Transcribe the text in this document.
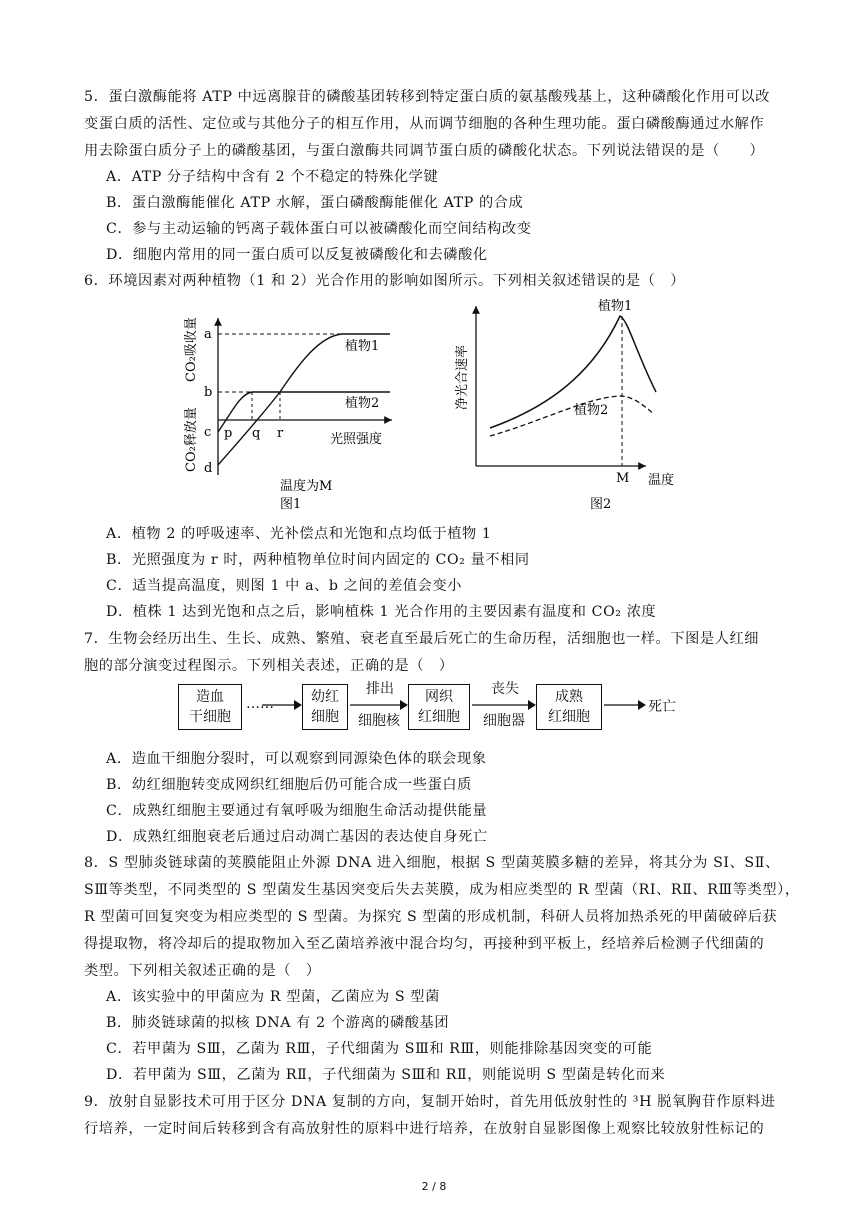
5．蛋白激酶能将 ATP 中远离腺苷的磷酸基团转移到特定蛋白质的氨基酸残基上，这种磷酸化作用可以改
变蛋白质的活性、定位或与其他分子的相互作用，从而调节细胞的各种生理功能。蛋白磷酸酶通过水解作
用去除蛋白质分子上的磷酸基团，与蛋白激酶共同调节蛋白质的磷酸化状态。下列说法错误的是（　　）
A．ATP 分子结构中含有 2 个不稳定的特殊化学键
B．蛋白激酶能催化 ATP 水解，蛋白磷酸酶能催化 ATP 的合成
C．参与主动运输的钙离子载体蛋白可以被磷酸化而空间结构改变
D．细胞内常用的同一蛋白质可以反复被磷酸化和去磷酸化
6．环境因素对两种植物（1 和 2）光合作用的影响如图所示。下列相关叙述错误的是（　）
a
b
c
d
p q r	光照强度
植物1
植物2
CO₂吸收量
CO₂释放量
温度为M
图1
植物1
植物2
净光合速率
M 温度
图2
A．植物 2 的呼吸速率、光补偿点和光饱和点均低于植物 1
B．光照强度为 r 时，两种植物单位时间内固定的 CO₂ 量不相同
C．适当提高温度，则图 1 中 a、b 之间的差值会变小
D．植株 1 达到光饱和点之后，影响植株 1 光合作用的主要因素有温度和 CO₂ 浓度
7．生物会经历出生、生长、成熟、繁殖、衰老直至最后死亡的生命历程，活细胞也一样。下图是人红细
胞的部分演变过程图示。下列相关表述，正确的是（　）
造血
干细胞
……	幼红
细胞
排出
细胞核
网织
红细胞
丧失
细胞器
成熟
红细胞
死亡
A．造血干细胞分裂时，可以观察到同源染色体的联会现象
B．幼红细胞转变成网织红细胞后仍可能合成一些蛋白质
C．成熟红细胞主要通过有氧呼吸为细胞生命活动提供能量
D．成熟红细胞衰老后通过启动凋亡基因的表达使自身死亡
8．S 型肺炎链球菌的荚膜能阻止外源 DNA 进入细胞，根据 S 型菌荚膜多糖的差异，将其分为 SⅠ、SⅡ、
SⅢ等类型，不同类型的 S 型菌发生基因突变后失去荚膜，成为相应类型的 R 型菌（RⅠ、RⅡ、RⅢ等类型），
R 型菌可回复突变为相应类型的 S 型菌。为探究 S 型菌的形成机制，科研人员将加热杀死的甲菌破碎后获
得提取物，将冷却后的提取物加入至乙菌培养液中混合均匀，再接种到平板上，经培养后检测子代细菌的
类型。下列相关叙述正确的是（　）
A．该实验中的甲菌应为 R 型菌，乙菌应为 S 型菌
B．肺炎链球菌的拟核 DNA 有 2 个游离的磷酸基团
C．若甲菌为 SⅢ，乙菌为 RⅢ，子代细菌为 SⅢ和 RⅢ，则能排除基因突变的可能
D．若甲菌为 SⅢ，乙菌为 RⅡ，子代细菌为 SⅢ和 RⅡ，则能说明 S 型菌是转化而来
9．放射自显影技术可用于区分 DNA 复制的方向，复制开始时，首先用低放射性的 ³H 脱氧胸苷作原料进
行培养，一定时间后转移到含有高放射性的原料中进行培养，在放射自显影图像上观察比较放射性标记的
2 / 8
